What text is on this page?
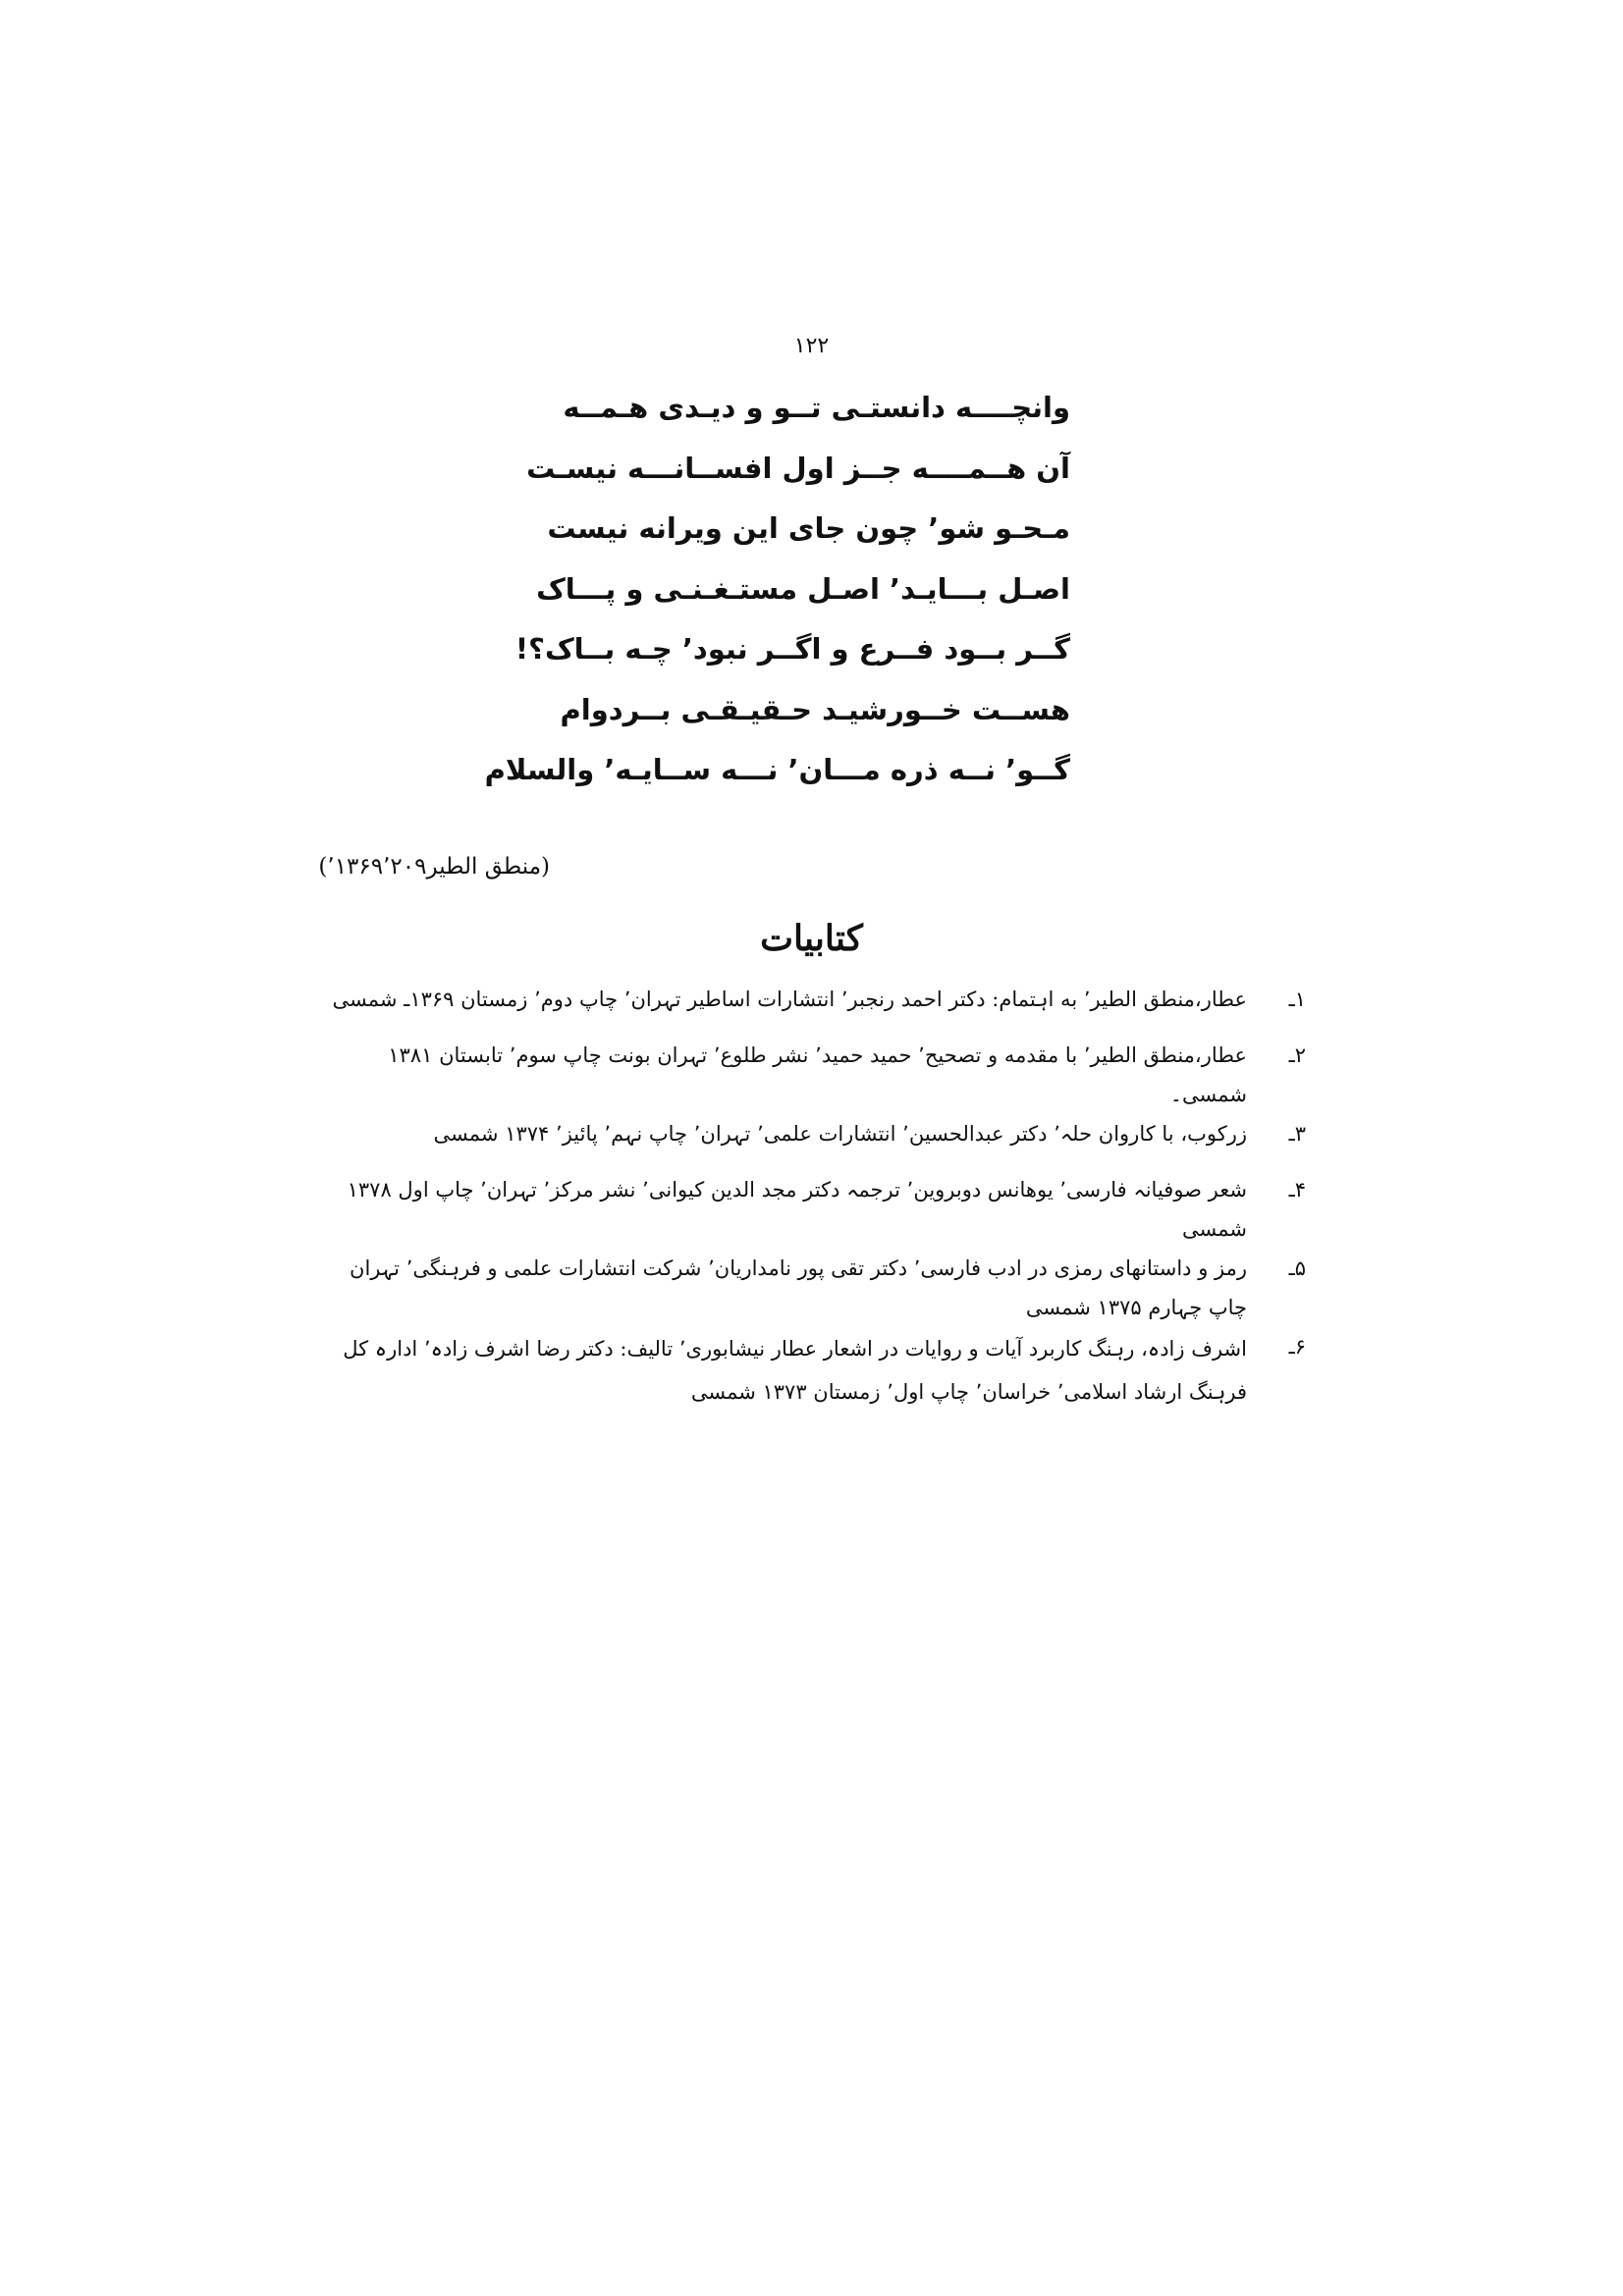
۱۲۲
وانچــــه دانستـی تــو و دیـدی هـمــه
آن هــمــــه جــز اول افســانـــه نیسـت
مـحـو شو٬ چون جای این ویرانه نیست
اصـل بـــایـد٬ اصـل مستـغـنـی و پـــاک
گــر بــود فــرع و اگــر نبود٬ چـه بــاک؟!
هســت خــورشیـد حـقیـقـی بــردوام
گــو٬ نــه ذره مـــان٬ نـــه ســایـه٬ والسلام
(منطق الطیر٬۱۳۶۹٬۲۰۹)
کتابیات
۱ـ
عطار،منطق الطیر٬ به اہتمام: دکتر احمد رنجبر٬ انتشارات اساطیر تہران٬ چاپ دوم٬ زمستان ۱۳۶۹ـ شمسی
۲ـ
عطار،منطق الطیر٬ با مقدمه و تصحیح٬ حمید حمید٬ نشر طلوع٬ تہران بونت چاپ سوم٬ تابستان ۱۳۸۱ شمسی۔
۳ـ
زرکوب، با کاروان حلہ٬ دکتر عبدالحسین٬ انتشارات علمی٬ تہران٬ چاپ نہم٬ پائیز٬ ۱۳۷۴ شمسی
۴ـ
شعر صوفیانہ فارسی٬ یوهانس دوبروین٬ ترجمہ دکتر مجد الدین کیوانی٬ نشر مرکز٬ تہران٬ چاپ اول ۱۳۷۸ شمسی
۵ـ
رمز و داستانهای رمزی در ادب فارسی٬ دکتر تقی پور نامداریان٬ شرکت انتشارات علمی و فرہنگی٬ تہران چاپ چہارم ۱۳۷۵ شمسی
۶ـ
اشرف زادہ، رہنگ کاربرد آیات و روایات در اشعار عطار نیشابوری٬ تالیف: دکتر رضا اشرف زادہ٬ ادارہ کل فرہنگ ارشاد اسلامی٬ خراسان٬ چاپ اول٬ زمستان ۱۳۷۳ شمسی
